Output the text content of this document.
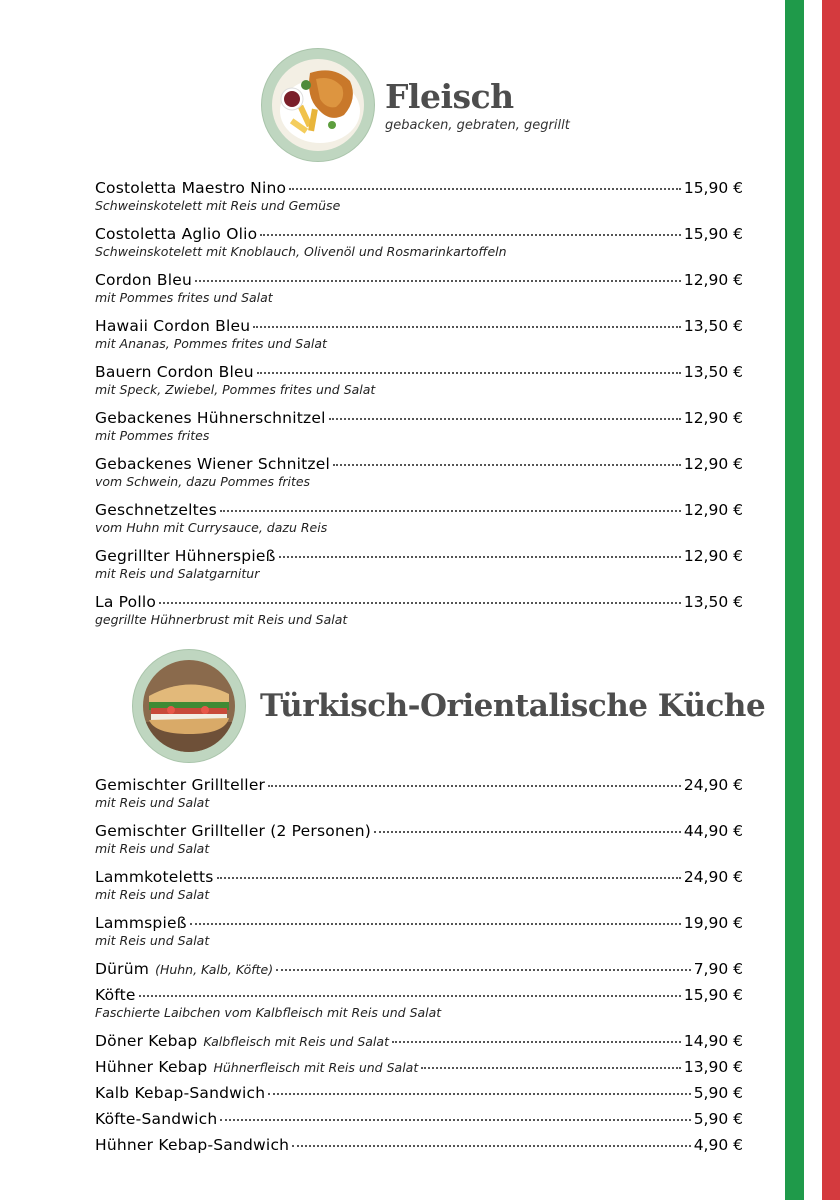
Fleisch
gebacken, gebraten, gegrillt
Costoletta Maestro Nino	15,90 €
Schweinskotelett mit Reis und Gemüse
Costoletta Aglio Olio	15,90 €
Schweinskotelett mit Knoblauch, Olivenöl und Rosmarinkartoffeln
Cordon Bleu	12,90 €
mit Pommes frites und Salat
Hawaii Cordon Bleu	13,50 €
mit Ananas, Pommes frites und Salat
Bauern Cordon Bleu	13,50 €
mit Speck, Zwiebel, Pommes frites und Salat
Gebackenes Hühnerschnitzel	12,90 €
mit Pommes frites
Gebackenes Wiener Schnitzel	12,90 €
vom Schwein, dazu Pommes frites
Geschnetzeltes	12,90 €
vom Huhn mit Currysauce, dazu Reis
Gegrillter Hühnerspieß	12,90 €
mit Reis und Salatgarnitur
La Pollo	13,50 €
gegrillte Hühnerbrust mit Reis und Salat
Türkisch-Orientalische Küche
Gemischter Grillteller	24,90 €
mit Reis und Salat
Gemischter Grillteller (2 Personen)	44,90 €
mit Reis und Salat
Lammkoteletts	24,90 €
mit Reis und Salat
Lammspieß	19,90 €
mit Reis und Salat
Dürüm (Huhn, Kalb, Köfte)	7,90 €
Köfte	15,90 €
Faschierte Laibchen vom Kalbfleisch mit Reis und Salat
Döner Kebap Kalbfleisch mit Reis und Salat	14,90 €
Hühner Kebap Hühnerfleisch mit Reis und Salat	13,90 €
Kalb Kebap-Sandwich	5,90 €
Köfte-Sandwich	5,90 €
Hühner Kebap-Sandwich	4,90 €
